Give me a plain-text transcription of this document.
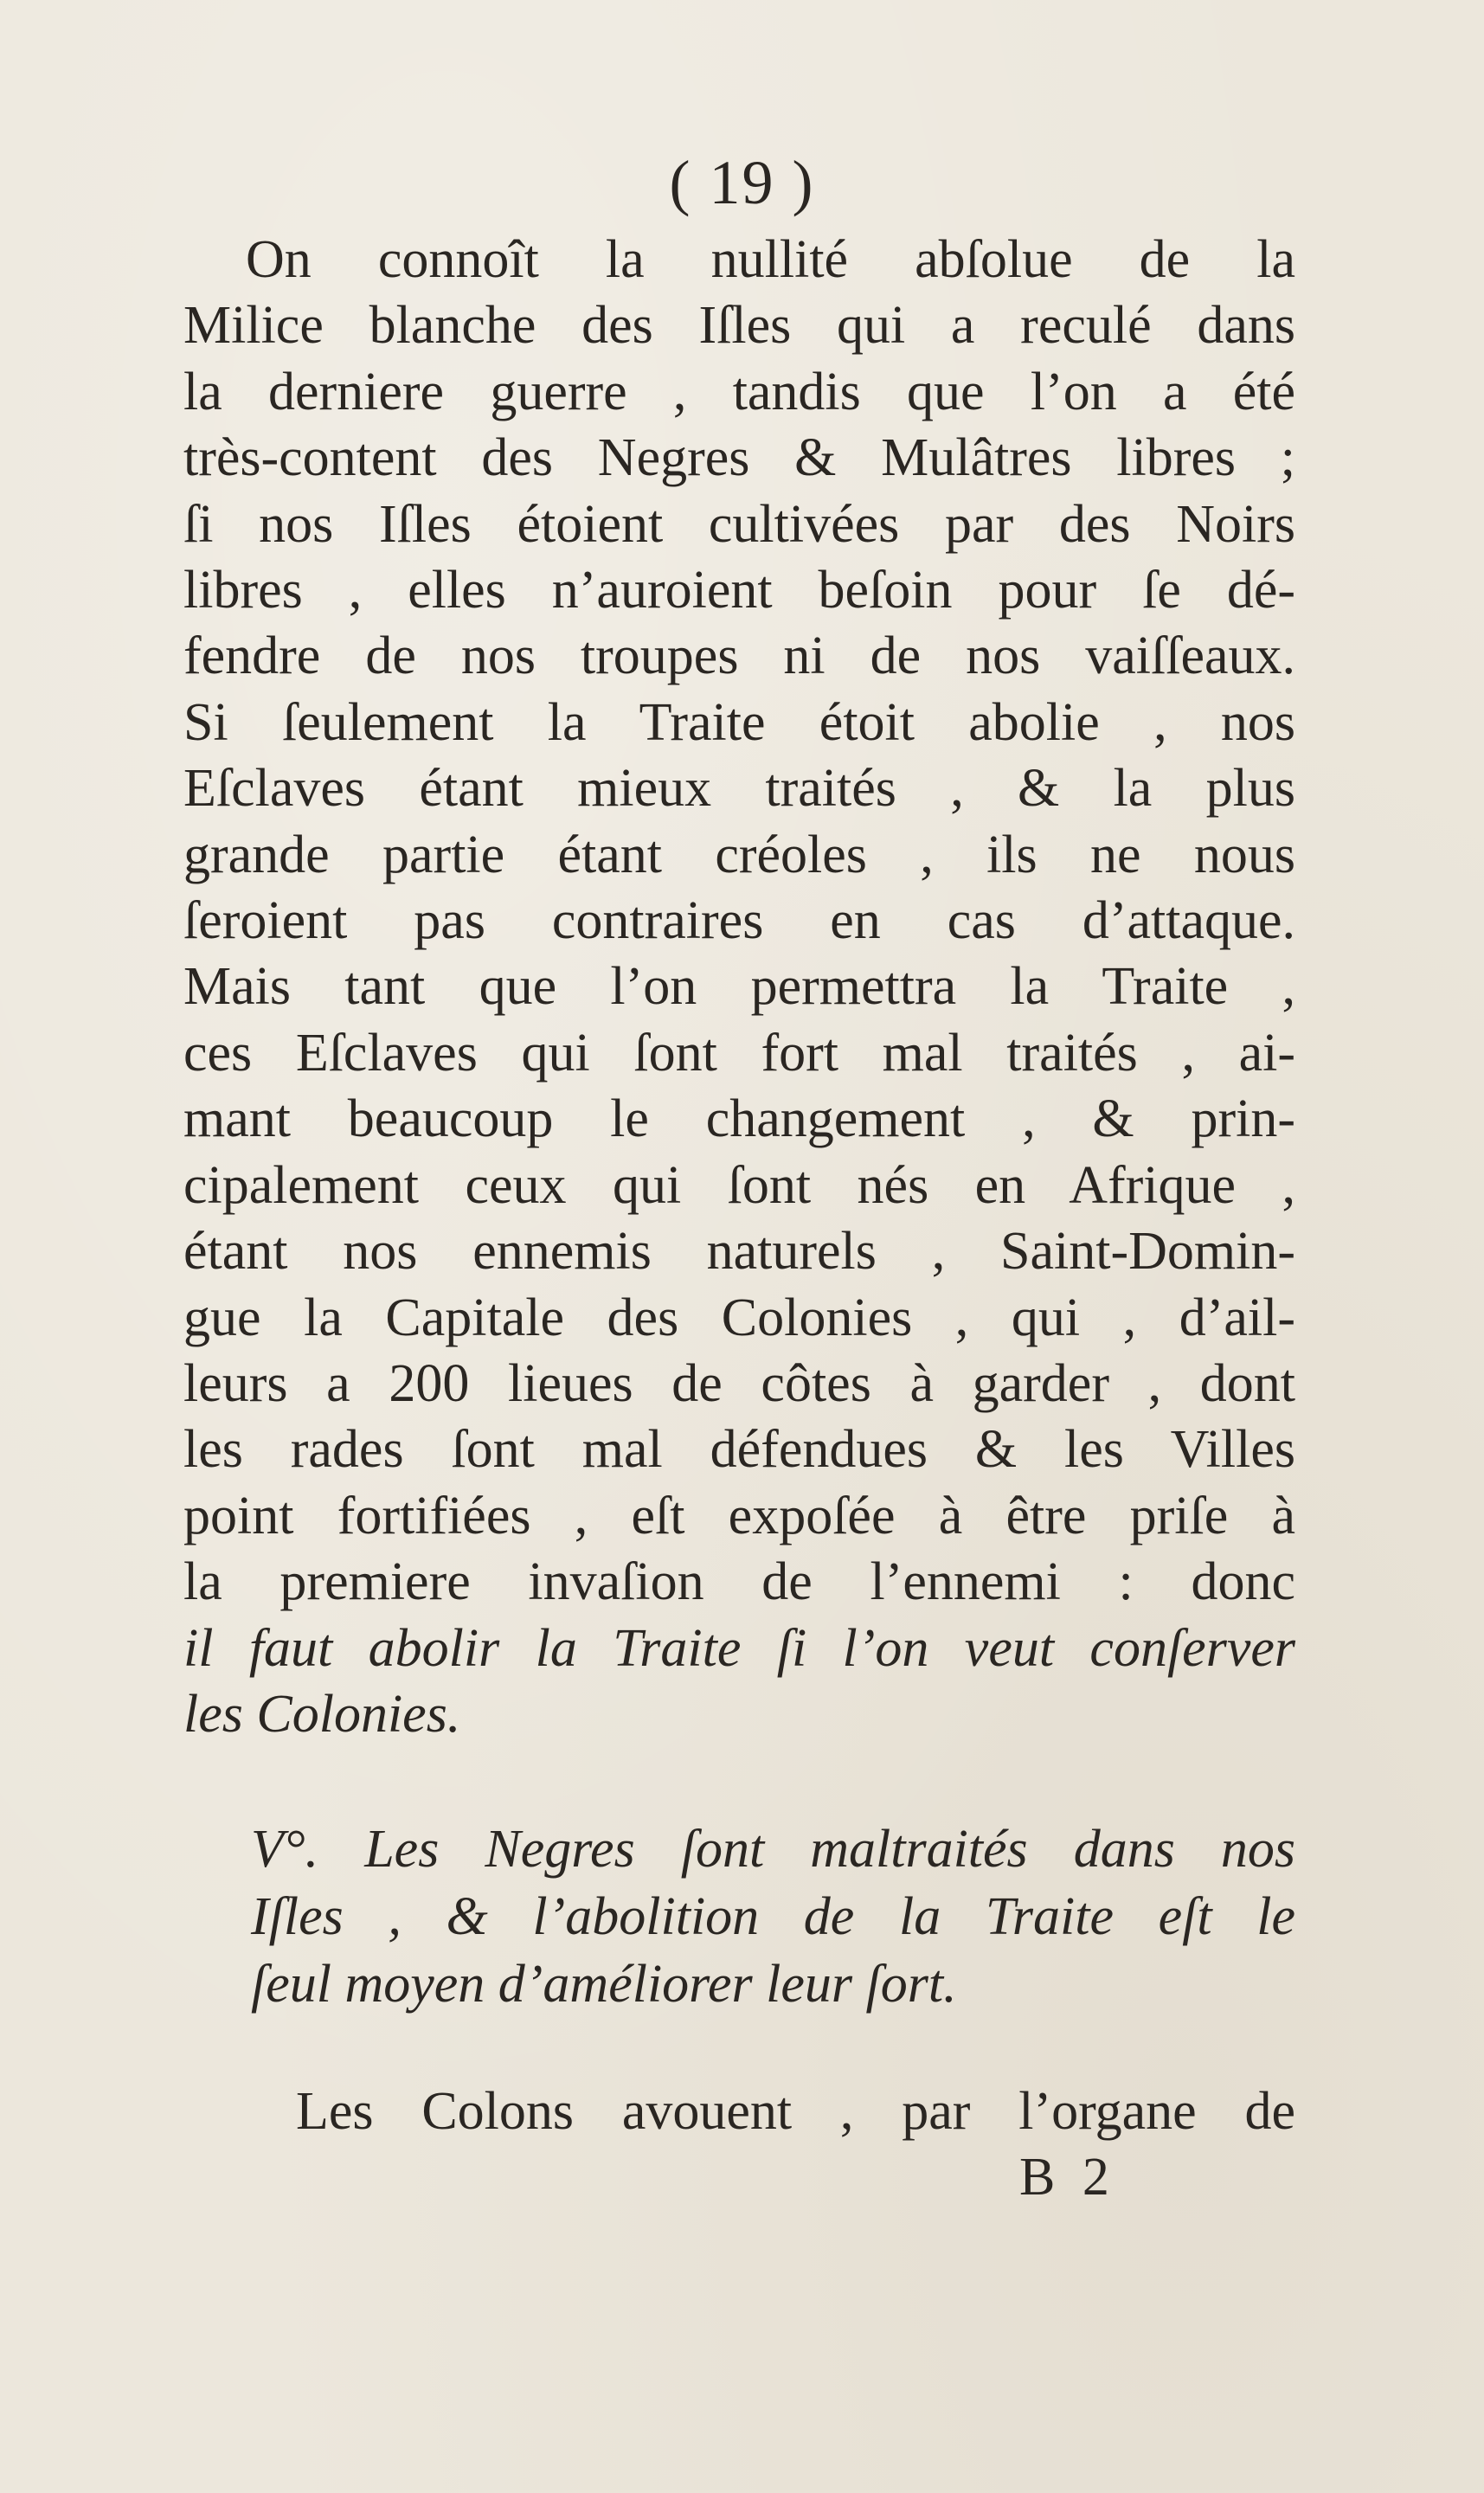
( 19 )
On connoît la nullité abſolue de la
Milice blanche des Iſles qui a reculé dans
la derniere guerre , tandis que l’on a été
très-content des Negres & Mulâtres libres ;
ſi nos Iſles étoient cultivées par des Noirs
libres , elles n’auroient beſoin pour ſe dé-
fendre de nos troupes ni de nos vaiſſeaux.
Si ſeulement la Traite étoit abolie , nos
Eſclaves étant mieux traités , & la plus
grande partie étant créoles , ils ne nous
ſeroient pas contraires en cas d’attaque.
Mais tant que l’on permettra la Traite ,
ces Eſclaves qui ſont fort mal traités , ai-
mant beaucoup le changement , & prin-
cipalement ceux qui ſont nés en Afrique ,
étant nos ennemis naturels , Saint-Domin-
gue la Capitale des Colonies , qui , d’ail-
leurs a 200 lieues de côtes à garder , dont
les rades ſont mal défendues & les Villes
point fortifiées , eſt expoſée à être priſe à
la premiere invaſion de l’ennemi : donc
il faut abolir la Traite ſi l’on veut conſerver
les Colonies.
V°. Les Negres ſont maltraités dans nos
Iſles , & l’abolition de la Traite eſt le
ſeul moyen d’améliorer leur ſort.
Les Colons avouent , par l’organe de
B 2
